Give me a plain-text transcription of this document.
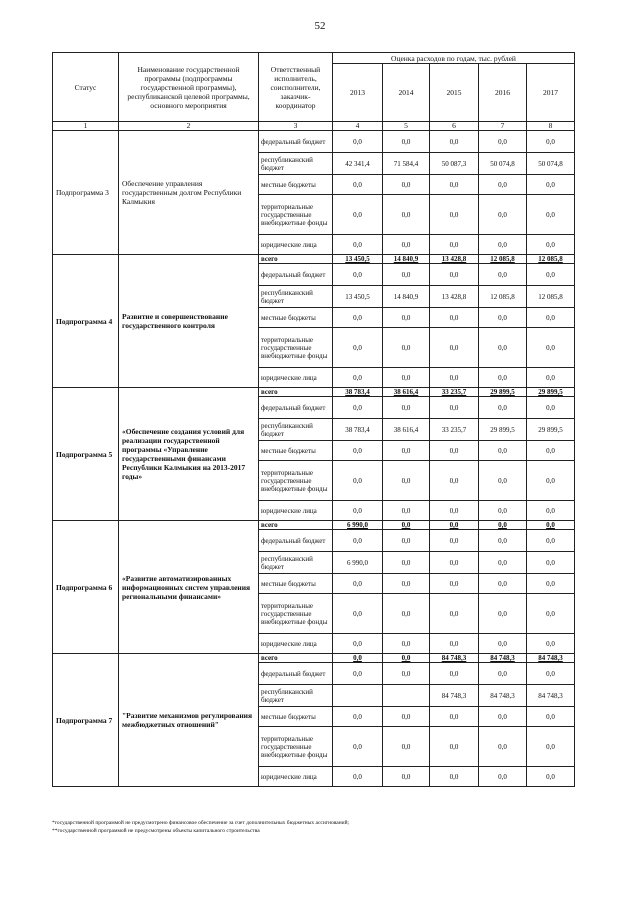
52
Статус	Наименование государственной программы (подпрограммы государственной программы), республиканской целевой программы, основного мероприятия	Ответственный исполнитель, соисполнители, заказчик-координатор	Оценка расходов по годам, тыс. рублей				
			2013	2014	2015	2016	2017
1	2	3	4	5	6	7	8
Подпрограмма 3	Обеспечение управления государственным долгом Республики Калмыкия	федеральный бюджет	0,0	0,0	0,0	0,0	0,0
		республиканский бюджет	42 341,4	71 584,4	50 087,3	50 074,8	50 074,8
		местные бюджеты	0,0	0,0	0,0	0,0	0,0
		территориальные государственные внебюджетные фонды	0,0	0,0	0,0	0,0	0,0
		юридические лица	0,0	0,0	0,0	0,0	0,0
Подпрограмма 4	Развитие и совершенствование государственного контроля	всего	13 450,5	14 840,9	13 428,8	12 085,8	12 085,8
		федеральный бюджет	0,0	0,0	0,0	0,0	0,0
		республиканский бюджет	13 450,5	14 840,9	13 428,8	12 085,8	12 085,8
		местные бюджеты	0,0	0,0	0,0	0,0	0,0
		территориальные государственные внебюджетные фонды	0,0	0,0	0,0	0,0	0,0
		юридические лица	0,0	0,0	0,0	0,0	0,0
Подпрограмма 5	«Обеспечение создания условий для реализации государственной программы «Управление государственными финансами Республики Калмыкия на 2013-2017 годы»	всего	38 783,4	38 616,4	33 235,7	29 899,5	29 899,5
		федеральный бюджет	0,0	0,0	0,0	0,0	0,0
		республиканский бюджет	38 783,4	38 616,4	33 235,7	29 899,5	29 899,5
		местные бюджеты	0,0	0,0	0,0	0,0	0,0
		территориальные государственные внебюджетные фонды	0,0	0,0	0,0	0,0	0,0
		юридические лица	0,0	0,0	0,0	0,0	0,0
Подпрограмма 6	«Развитие автоматизированных информационных систем управления региональными финансами»	всего	6 990,0	0,0	0,0	0,0	0,0
		федеральный бюджет	0,0	0,0	0,0	0,0	0,0
		республиканский бюджет	6 990,0	0,0	0,0	0,0	0,0
		местные бюджеты	0,0	0,0	0,0	0,0	0,0
		территориальные государственные внебюджетные фонды	0,0	0,0	0,0	0,0	0,0
		юридические лица	0,0	0,0	0,0	0,0	0,0
Подпрограмма 7	"Развитие механизмов регулирования межбюджетных отношений"	всего	0,0	0,0	84 748,3	84 748,3	84 748,3
		федеральный бюджет	0,0	0,0	0,0	0,0	0,0
		республиканский бюджет			84 748,3	84 748,3	84 748,3
		местные бюджеты	0,0	0,0	0,0	0,0	0,0
		территориальные государственные внебюджетные фонды	0,0	0,0	0,0	0,0	0,0
		юридические лица	0,0	0,0	0,0	0,0	0,0
*государственной программой не предусмотрено финансовое обеспечение за счет дополнительных бюджетных ассигнований;
**государственной программой не предусмотрены объекты капитального строительства
